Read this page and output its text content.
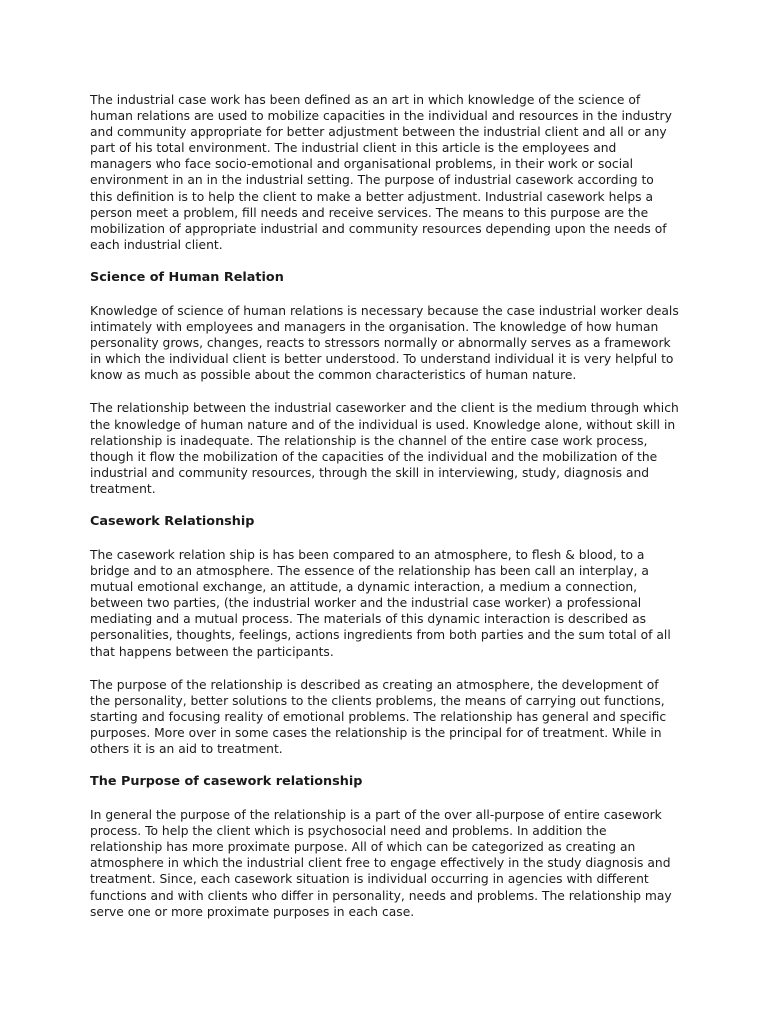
The industrial case work has been defined as an art in which knowledge of the science of human relations are used to mobilize capacities in the individual and resources in the industry and community appropriate for better adjustment between the industrial client and all or any part of his total environment. The industrial client in this article is the employees and managers who face socio-emotional and organisational problems, in their work or social environment in an in the industrial setting. The purpose of industrial casework according to this definition is to help the client to make a better adjustment. Industrial casework helps a person meet a problem, fill needs and receive services. The means to this purpose are the mobilization of appropriate industrial and community resources depending upon the needs of each industrial client.

Science of Human Relation

Knowledge of science of human relations is necessary because the case industrial worker deals intimately with employees and managers in the organisation. The knowledge of how human personality grows, changes, reacts to stressors normally or abnormally serves as a framework in which the individual client is better understood. To understand individual it is very helpful to know as much as possible about the common characteristics of human nature.

The relationship between the industrial caseworker and the client is the medium through which the knowledge of human nature and of the individual is used. Knowledge alone, without skill in relationship is inadequate. The relationship is the channel of the entire case work process, though it flow the mobilization of the capacities of the individual and the mobilization of the industrial and community resources, through the skill in interviewing, study, diagnosis and treatment.

Casework Relationship

The casework relation ship is has been compared to an atmosphere, to flesh & blood, to a bridge and to an atmosphere. The essence of the relationship has been call an interplay, a mutual emotional exchange, an attitude, a dynamic interaction, a medium a connection, between two parties, (the industrial worker and the industrial case worker) a professional mediating and a mutual process. The materials of this dynamic interaction is described as personalities, thoughts, feelings, actions ingredients from both parties and the sum total of all that happens between the participants.

The purpose of the relationship is described as creating an atmosphere, the development of the personality, better solutions to the clients problems, the means of carrying out functions, starting and focusing reality of emotional problems. The relationship has general and specific purposes. More over in some cases the relationship is the principal for of treatment. While in others it is an aid to treatment.

The Purpose of casework relationship

In general the purpose of the relationship is a part of the over all-purpose of entire casework process. To help the client which is psychosocial need and problems. In addition the relationship has more proximate purpose. All of which can be categorized as creating an atmosphere in which the industrial client free to engage effectively in the study diagnosis and treatment. Since, each casework situation is individual occurring in agencies with different functions and with clients who differ in personality, needs and problems. The relationship may serve one or more proximate purposes in each case.
